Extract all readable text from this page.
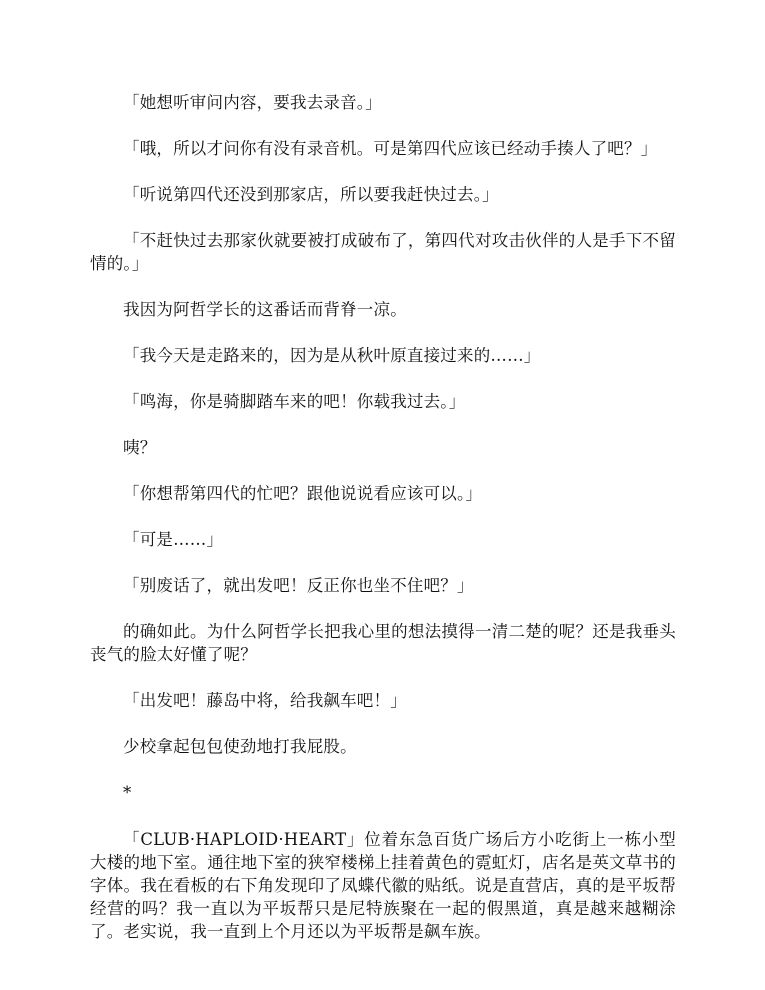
「她想听审问内容，要我去录音。」

「哦，所以才问你有没有录音机。可是第四代应该已经动手揍人了吧？」

「听说第四代还没到那家店，所以要我赶快过去。」

「不赶快过去那家伙就要被打成破布了，第四代对攻击伙伴的人是手下不留情的。」

我因为阿哲学长的这番话而背脊一凉。

「我今天是走路来的，因为是从秋叶原直接过来的……」

「鸣海，你是骑脚踏车来的吧！你载我过去。」

咦？

「你想帮第四代的忙吧？跟他说说看应该可以。」

「可是……」

「别废话了，就出发吧！反正你也坐不住吧？」

的确如此。为什么阿哲学长把我心里的想法摸得一清二楚的呢？还是我垂头丧气的脸太好懂了呢？

「出发吧！藤岛中将，给我飙车吧！」

少校拿起包包使劲地打我屁股。

*

「CLUB·HAPLOID·HEART」位着东急百货广场后方小吃街上一栋小型大楼的地下室。通往地下室的狭窄楼梯上挂着黄色的霓虹灯，店名是英文草书的字体。我在看板的右下角发现印了凤蝶代徽的贴纸。说是直营店，真的是平坂帮经营的吗？我一直以为平坂帮只是尼特族聚在一起的假黑道，真是越来越糊涂了。老实说，我一直到上个月还以为平坂帮是飙车族。
